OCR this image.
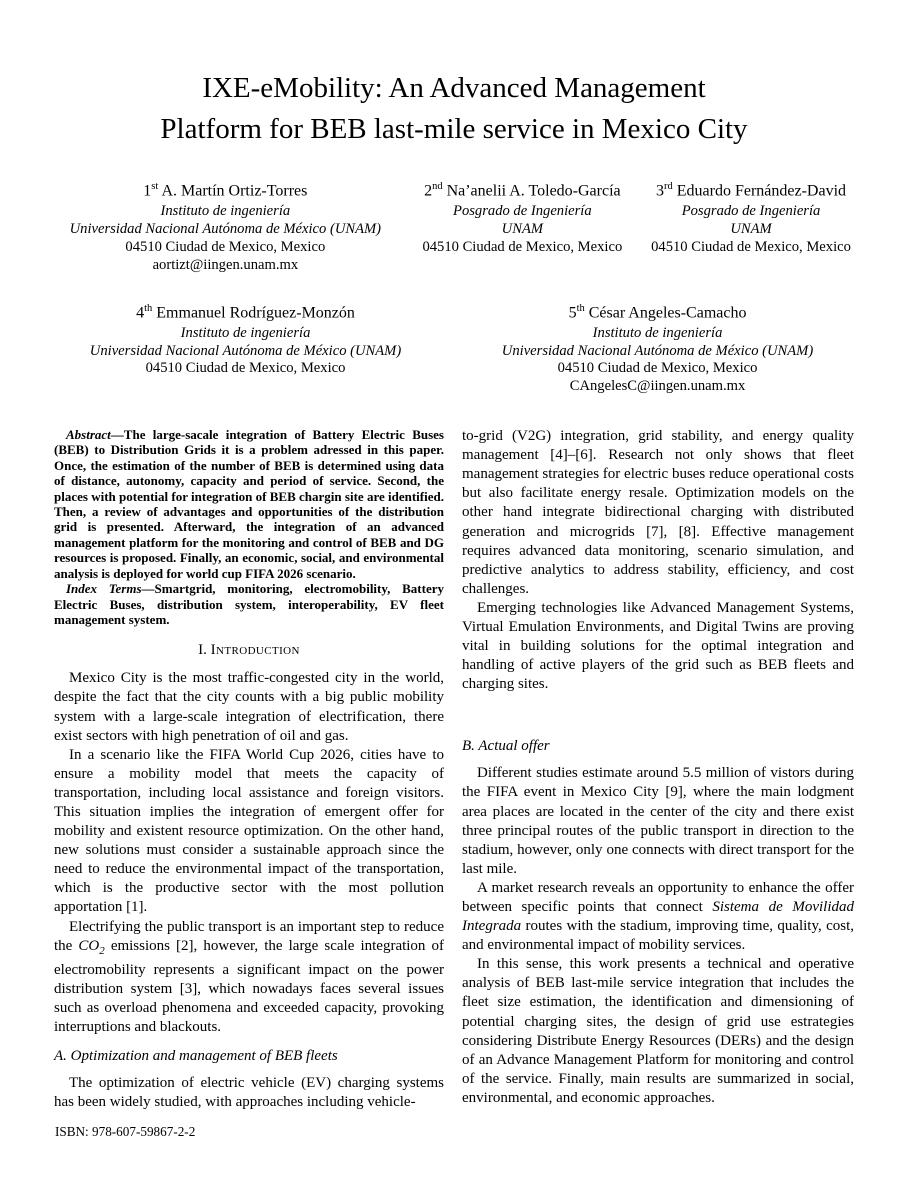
IXE-eMobility: An Advanced Management
Platform for BEB last-mile service in Mexico City
1st A. Martín Ortiz-Torres
Instituto de ingeniería
Universidad Nacional Autónoma de México (UNAM)
04510 Ciudad de Mexico, Mexico
aortizt@iingen.unam.mx
2nd Na’anelii A. Toledo-García
Posgrado de Ingeniería
UNAM
04510 Ciudad de Mexico, Mexico
3rd Eduardo Fernández-David
Posgrado de Ingeniería
UNAM
04510 Ciudad de Mexico, Mexico
4th Emmanuel Rodríguez-Monzón
Instituto de ingeniería
Universidad Nacional Autónoma de México (UNAM)
04510 Ciudad de Mexico, Mexico
5th César Angeles-Camacho
Instituto de ingeniería
Universidad Nacional Autónoma de México (UNAM)
04510 Ciudad de Mexico, Mexico
CAngelesC@iingen.unam.mx

Abstract—The large-sacale integration of Battery Electric Buses (BEB) to Distribution Grids it is a problem adressed in this paper. Once, the estimation of the number of BEB is determined using data of distance, autonomy, capacity and period of service. Second, the places with potential for integration of BEB chargin site are identified. Then, a review of advantages and opportunities of the distribution grid is presented. Afterward, the integration of an advanced management platform for the monitoring and control of BEB and DG resources is proposed. Finally, an economic, social, and environmental analysis is deployed for world cup FIFA 2026 scenario.

Index Terms—Smartgrid, monitoring, electromobility, Battery Electric Buses, distribution system, interoperability, EV fleet management system.

I. Introduction

Mexico City is the most traffic-congested city in the world, despite the fact that the city counts with a big public mobility system with a large-scale integration of electrification, there exist sectors with high penetration of oil and gas.

In a scenario like the FIFA World Cup 2026, cities have to ensure a mobility model that meets the capacity of transportation, including local assistance and foreign visitors. This situation implies the integration of emergent offer for mobility and existent resource optimization. On the other hand, new solutions must consider a sustainable approach since the need to reduce the environmental impact of the transportation, which is the productive sector with the most pollution apportation [1].

Electrifying the public transport is an important step to reduce the $CO_2$ emissions [2], however, the large scale integration of electromobility represents a significant impact on the power distribution system [3], which nowadays faces several issues such as overload phenomena and exceeded capacity, provoking interruptions and blackouts.

A. Optimization and management of BEB fleets

The optimization of electric vehicle (EV) charging systems has been widely studied, with approaches including vehicle-

to-grid (V2G) integration, grid stability, and energy quality management [4]–[6]. Research not only shows that fleet management strategies for electric buses reduce operational costs but also facilitate energy resale. Optimization models on the other hand integrate bidirectional charging with distributed generation and microgrids [7], [8]. Effective management requires advanced data monitoring, scenario simulation, and predictive analytics to address stability, efficiency, and cost challenges.

Emerging technologies like Advanced Management Systems, Virtual Emulation Environments, and Digital Twins are proving vital in building solutions for the optimal integration and handling of active players of the grid such as BEB fleets and charging sites.

B. Actual offer

Different studies estimate around 5.5 million of vistors during the FIFA event in Mexico City [9], where the main lodgment area places are located in the center of the city and there exist three principal routes of the public transport in direction to the stadium, however, only one connects with direct transport for the last mile.

A market research reveals an opportunity to enhance the offer between specific points that connect Sistema de Movilidad Integrada routes with the stadium, improving time, quality, cost, and environmental impact of mobility services.

In this sense, this work presents a technical and operative analysis of BEB last-mile service integration that includes the fleet size estimation, the identification and dimensioning of potential charging sites, the design of grid use estrategies considering Distribute Energy Resources (DERs) and the design of an Advance Management Platform for monitoring and control of the service. Finally, main results are summarized in social, environmental, and economic approaches.

ISBN: 978-607-59867-2-2
